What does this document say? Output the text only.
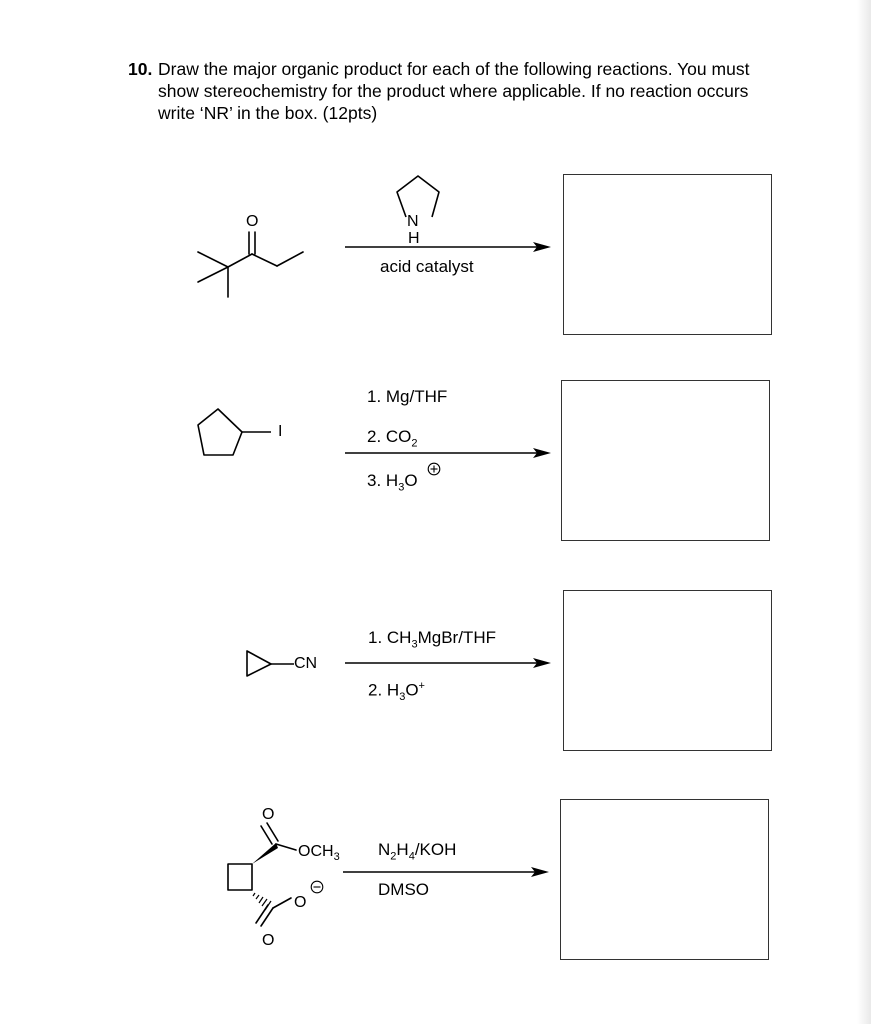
10. Draw the major organic product for each of the following reactions. You must
show stereochemistry for the product where applicable. If no reaction occurs
write ‘NR’ in the box. (12pts)
O	N
H
acid catalyst
I
1. Mg/THF
2. $CO_2$
3. $H_3O$
CN
1. $CH_3MgBr$/THF
2. $H_3O^+$
O
$OCH_3$
O
O
$N_2H_4$/KOH
DMSO
